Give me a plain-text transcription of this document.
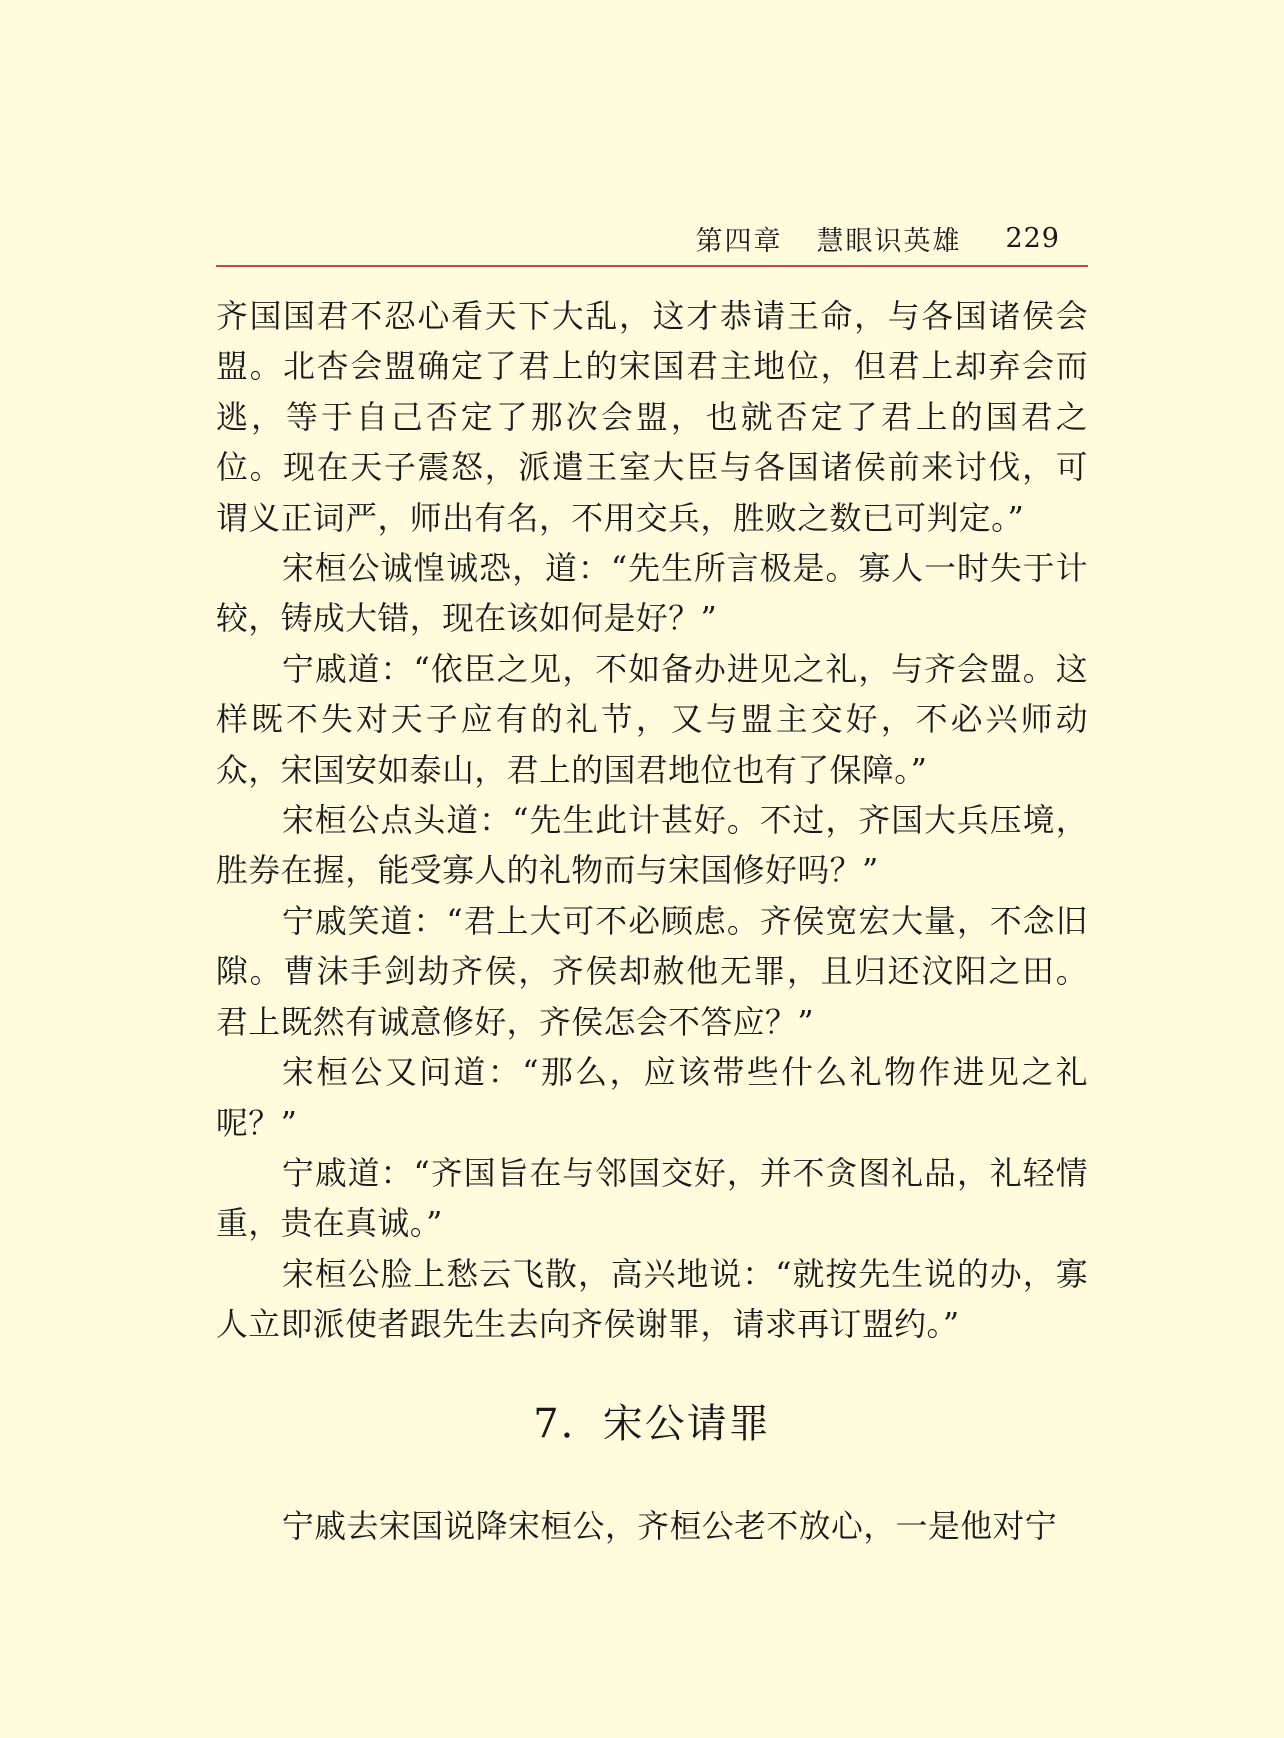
第四章 慧眼识英雄 229

齐国国君不忍心看天下大乱，这才恭请王命，与各国诸侯会盟。北杏会盟确定了君上的宋国君主地位，但君上却弃会而逃，等于自己否定了那次会盟，也就否定了君上的国君之位。现在天子震怒，派遣王室大臣与各国诸侯前来讨伐，可谓义正词严，师出有名，不用交兵，胜败之数已可判定。”

宋桓公诚惶诚恐，道：“先生所言极是。寡人一时失于计较，铸成大错，现在该如何是好？”

宁戚道：“依臣之见，不如备办进见之礼，与齐会盟。这样既不失对天子应有的礼节，又与盟主交好，不必兴师动众，宋国安如泰山，君上的国君地位也有了保障。”

宋桓公点头道：“先生此计甚好。不过，齐国大兵压境，胜券在握，能受寡人的礼物而与宋国修好吗？”

宁戚笑道：“君上大可不必顾虑。齐侯宽宏大量，不念旧隙。曹沫手剑劫齐侯，齐侯却赦他无罪，且归还汶阳之田。君上既然有诚意修好，齐侯怎会不答应？”

宋桓公又问道：“那么，应该带些什么礼物作进见之礼呢？”

宁戚道：“齐国旨在与邻国交好，并不贪图礼品，礼轻情重，贵在真诚。”

宋桓公脸上愁云飞散，高兴地说：“就按先生说的办，寡人立即派使者跟先生去向齐侯谢罪，请求再订盟约。”

7．宋公请罪

宁戚去宋国说降宋桓公，齐桓公老不放心，一是他对宁
